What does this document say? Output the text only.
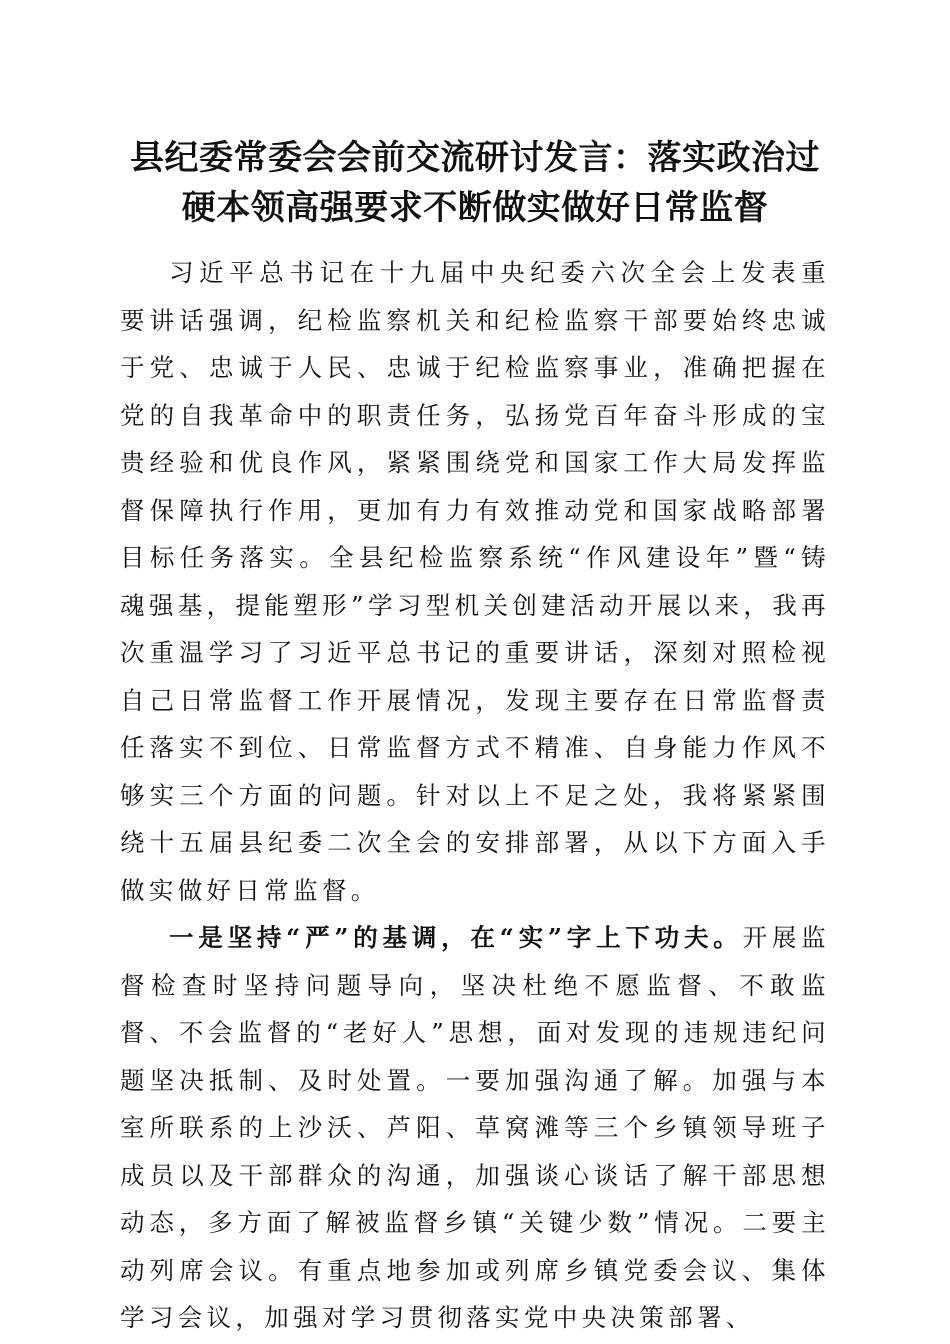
县纪委常委会会前交流研讨发言：落实政治过
硬本领高强要求不断做实做好日常监督

习近平总书记在十九届中央纪委六次全会上发表重要讲话强调，纪检监察机关和纪检监察干部要始终忠诚于党、忠诚于人民、忠诚于纪检监察事业，准确把握在党的自我革命中的职责任务，弘扬党百年奋斗形成的宝贵经验和优良作风，紧紧围绕党和国家工作大局发挥监督保障执行作用，更加有力有效推动党和国家战略部署目标任务落实。全县纪检监察系统“作风建设年”暨“铸魂强基，提能塑形”学习型机关创建活动开展以来，我再次重温学习了习近平总书记的重要讲话，深刻对照检视自己日常监督工作开展情况，发现主要存在日常监督责任落实不到位、日常监督方式不精准、自身能力作风不够实三个方面的问题。针对以上不足之处，我将紧紧围绕十五届县纪委二次全会的安排部署，从以下方面入手做实做好日常监督。

一是坚持“严”的基调，在“实”字上下功夫。开展监督检查时坚持问题导向，坚决杜绝不愿监督、不敢监督、不会监督的“老好人”思想，面对发现的违规违纪问题坚决抵制、及时处置。一要加强沟通了解。加强与本室所联系的上沙沃、芦阳、草窝滩等三个乡镇领导班子成员以及干部群众的沟通，加强谈心谈话了解干部思想动态，多方面了解被监督乡镇“关键少数”情况。二要主动列席会议。有重点地参加或列席乡镇党委会议、集体学习会议，加强对学习贯彻落实党中央决策部署、
